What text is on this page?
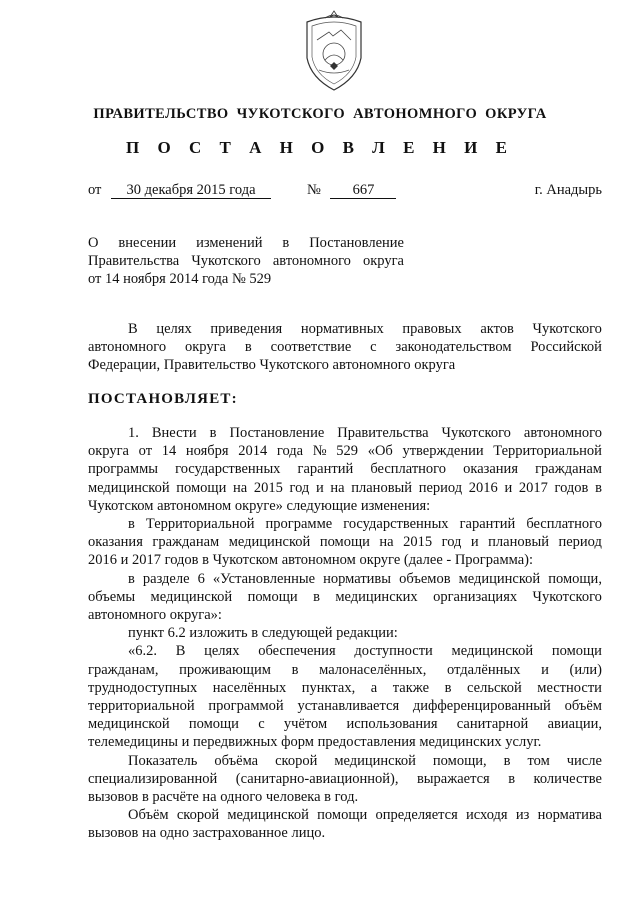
ПРАВИТЕЛЬСТВО ЧУКОТСКОГО АВТОНОМНОГО ОКРУГА
П О С Т А Н О В Л Е Н И Е
от 30 декабря 2015 года	№ 667	г. Анадырь
О внесении изменений в Постановление
Правительства Чукотского автономного округа
от 14 ноября 2014 года № 529
В целях приведения нормативных правовых актов Чукотского
автономного округа в соответствие с законодательством Российской
Федерации, Правительство Чукотского автономного округа
ПОСТАНОВЛЯЕТ:
1. Внести в Постановление Правительства Чукотского автономного
округа от 14 ноября 2014 года № 529 «Об утверждении Территориальной
программы государственных гарантий бесплатного оказания гражданам
медицинской помощи на 2015 год и на плановый период 2016 и 2017 годов в
Чукотском автономном округе» следующие изменения:
в Территориальной программе государственных гарантий бесплатного
оказания гражданам медицинской помощи на 2015 год и плановый период
2016 и 2017 годов в Чукотском автономном округе (далее - Программа):
в разделе 6 «Установленные нормативы объемов медицинской помощи,
объемы медицинской помощи в медицинских организациях Чукотского
автономного округа»:
пункт 6.2 изложить в следующей редакции:
«6.2. В целях обеспечения доступности медицинской помощи
гражданам, проживающим в малонаселённых, отдалённых и (или)
труднодоступных населённых пунктах, а также в сельской местности
территориальной программой устанавливается дифференцированный объём
медицинской помощи с учётом использования санитарной авиации,
телемедицины и передвижных форм предоставления медицинских услуг.
Показатель объёма скорой медицинской помощи, в том числе
специализированной (санитарно-авиационной), выражается в количестве
вызовов в расчёте на одного человека в год.
Объём скорой медицинской помощи определяется исходя из норматива
вызовов на одно застрахованное лицо.
